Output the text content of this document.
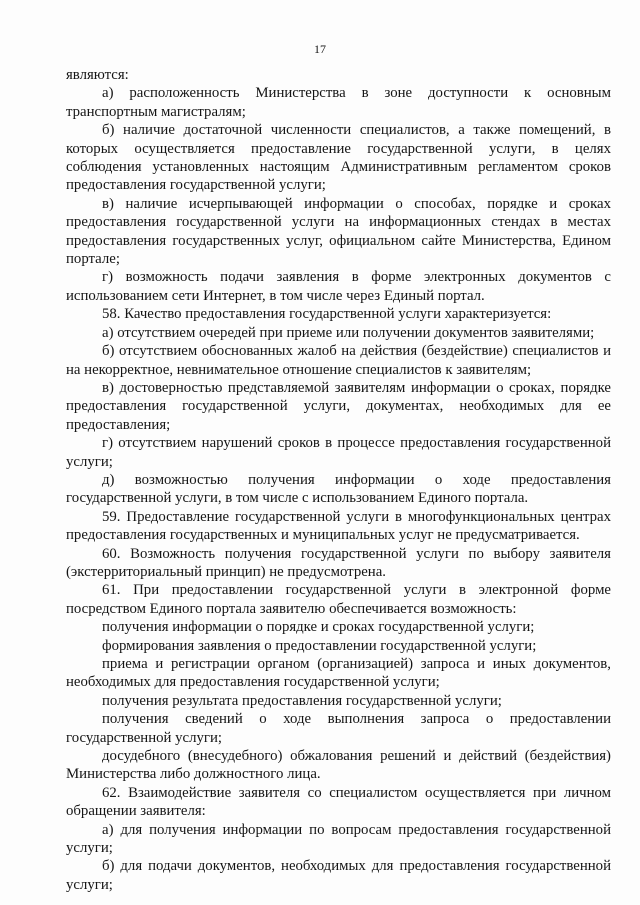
17

являются:

а) расположенность Министерства в зоне доступности к основным транспортным магистралям;

б) наличие достаточной численности специалистов, а также помещений, в которых осуществляется предоставление государственной услуги, в целях соблюдения установленных настоящим Административным регламентом сроков предоставления государственной услуги;

в) наличие исчерпывающей информации о способах, порядке и сроках предоставления государственной услуги на информационных стендах в местах предоставления государственных услуг, официальном сайте Министерства, Едином портале;

г) возможность подачи заявления в форме электронных документов с использованием сети Интернет, в том числе через Единый портал.

58. Качество предоставления государственной услуги характеризуется:

а) отсутствием очередей при приеме или получении документов заявителями;

б) отсутствием обоснованных жалоб на действия (бездействие) специалистов и на некорректное, невнимательное отношение специалистов к заявителям;

в) достоверностью представляемой заявителям информации о сроках, порядке предоставления государственной услуги, документах, необходимых для ее предоставления;

г) отсутствием нарушений сроков в процессе предоставления государственной услуги;

д) возможностью получения информации о ходе предоставления государственной услуги, в том числе с использованием Единого портала.

59. Предоставление государственной услуги в многофункциональных центрах предоставления государственных и муниципальных услуг не предусматривается.

60. Возможность получения государственной услуги по выбору заявителя (экстерриториальный принцип) не предусмотрена.

61. При предоставлении государственной услуги в электронной форме посредством Единого портала заявителю обеспечивается возможность:

получения информации о порядке и сроках государственной услуги;

формирования заявления о предоставлении государственной услуги;

приема и регистрации органом (организацией) запроса и иных документов, необходимых для предоставления государственной услуги;

получения результата предоставления государственной услуги;

получения сведений о ходе выполнения запроса о предоставлении государственной услуги;

досудебного (внесудебного) обжалования решений и действий (бездействия) Министерства либо должностного лица.

62. Взаимодействие заявителя со специалистом осуществляется при личном обращении заявителя:

а) для получения информации по вопросам предоставления государственной услуги;

б) для подачи документов, необходимых для предоставления государственной услуги;
